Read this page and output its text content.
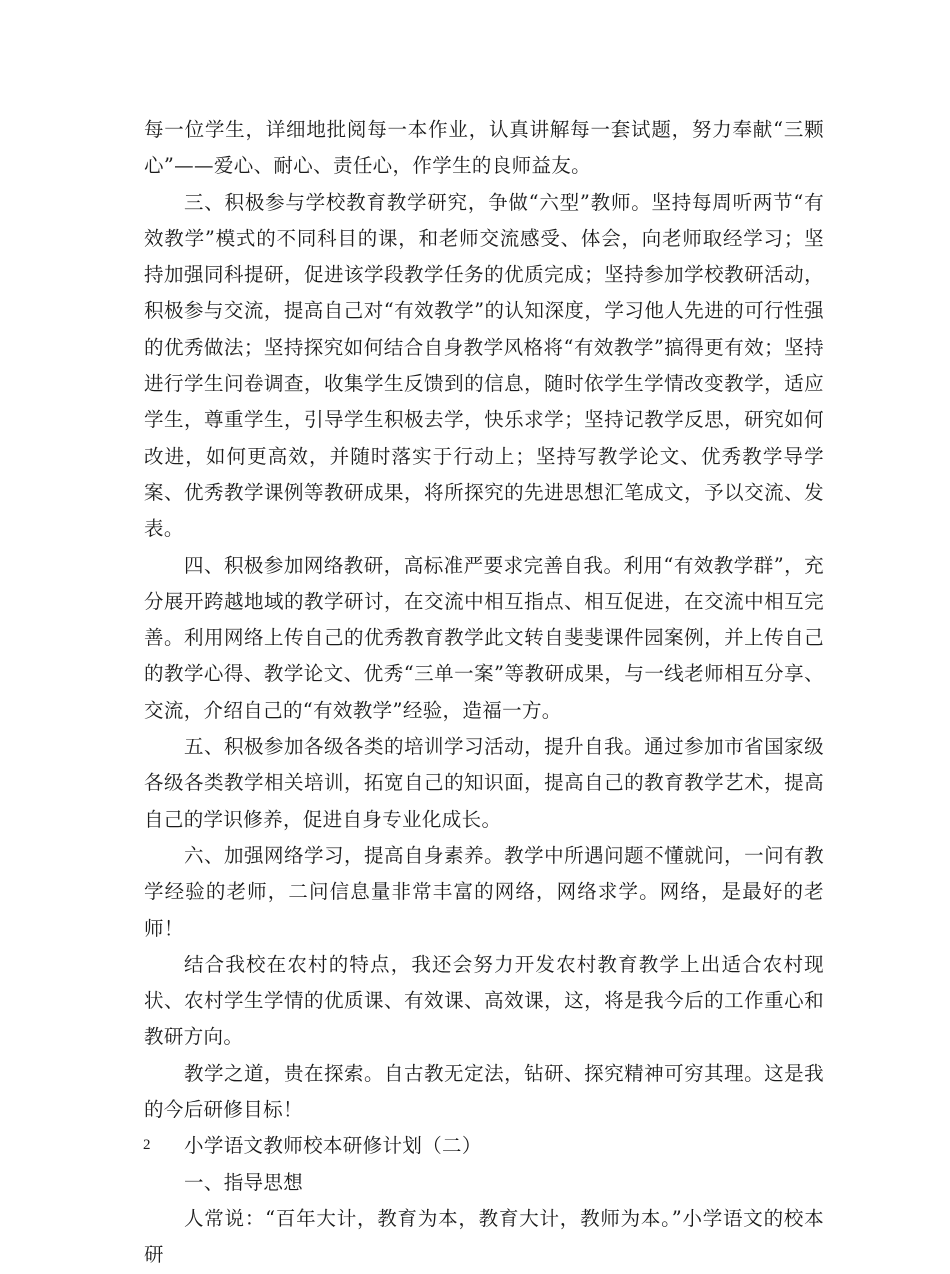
每一位学生，详细地批阅每一本作业，认真讲解每一套试题，努力奉献“三颗心”——爱心、耐心、责任心，作学生的良师益友。

三、积极参与学校教育教学研究，争做“六型”教师。坚持每周听两节“有效教学”模式的不同科目的课，和老师交流感受、体会，向老师取经学习；坚持加强同科提研，促进该学段教学任务的优质完成；坚持参加学校教研活动，积极参与交流，提高自己对“有效教学”的认知深度，学习他人先进的可行性强的优秀做法；坚持探究如何结合自身教学风格将“有效教学”搞得更有效；坚持进行学生问卷调查，收集学生反馈到的信息，随时依学生学情改变教学，适应学生，尊重学生，引导学生积极去学，快乐求学；坚持记教学反思，研究如何改进，如何更高效，并随时落实于行动上；坚持写教学论文、优秀教学导学案、优秀教学课例等教研成果，将所探究的先进思想汇笔成文，予以交流、发表。

四、积极参加网络教研，高标准严要求完善自我。利用“有效教学群”，充分展开跨越地域的教学研讨，在交流中相互指点、相互促进，在交流中相互完善。利用网络上传自己的优秀教育教学此文转自斐斐课件园案例，并上传自己的教学心得、教学论文、优秀“三单一案”等教研成果，与一线老师相互分享、交流，介绍自己的“有效教学”经验，造福一方。

五、积极参加各级各类的培训学习活动，提升自我。通过参加市省国家级各级各类教学相关培训，拓宽自己的知识面，提高自己的教育教学艺术，提高自己的学识修养，促进自身专业化成长。

六、加强网络学习，提高自身素养。教学中所遇问题不懂就问，一问有教学经验的老师，二问信息量非常丰富的网络，网络求学。网络，是最好的老师！

结合我校在农村的特点，我还会努力开发农村教育教学上出适合农村现状、农村学生学情的优质课、有效课、高效课，这，将是我今后的工作重心和教研方向。

教学之道，贵在探索。自古教无定法，钻研、探究精神可穷其理。这是我的今后研修目标！

小学语文教师校本研修计划（二）

一、指导思想

人常说：“百年大计，教育为本，教育大计，教师为本。”小学语文的校本研

2
